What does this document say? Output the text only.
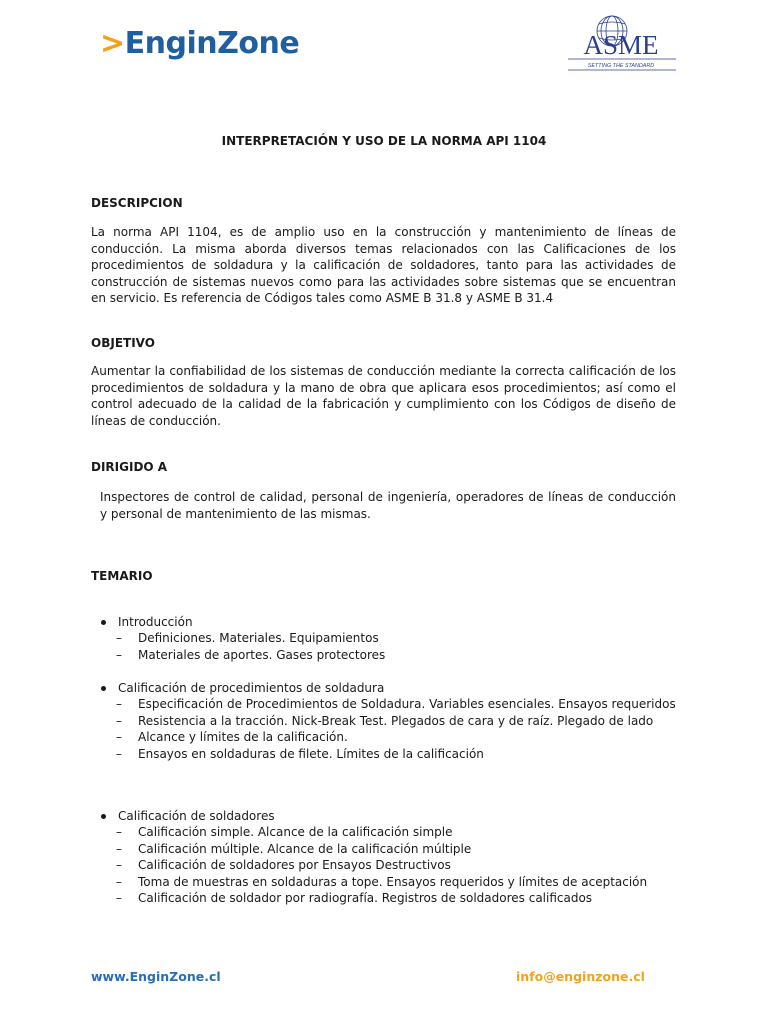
>EnginZone	ASME
SETTING THE STANDARD
INTERPRETACIÓN Y USO DE LA NORMA API 1104
DESCRIPCION
La norma API 1104, es de amplio uso en la construcción y mantenimiento de líneas de conducción. La misma aborda diversos temas relacionados con las Calificaciones de los procedimientos de soldadura y la calificación de soldadores, tanto para las actividades de construcción de sistemas nuevos como para las actividades sobre sistemas que se encuentran en servicio. Es referencia de Códigos tales como ASME B 31.8 y ASME B 31.4
OBJETIVO
Aumentar la confiabilidad de los sistemas de conducción mediante la correcta calificación de los procedimientos de soldadura y la mano de obra que aplicara esos procedimientos; así como el control adecuado de la calidad de la fabricación y cumplimiento con los Códigos de diseño de líneas de conducción.
DIRIGIDO A
Inspectores de control de calidad, personal de ingeniería, operadores de líneas de conducción y personal de mantenimiento de las mismas.
TEMARIO
Introducción
– Definiciones. Materiales. Equipamientos
– Materiales de aportes. Gases protectores
Calificación de procedimientos de soldadura
– Especificación de Procedimientos de Soldadura. Variables esenciales. Ensayos requeridos
– Resistencia a la tracción. Nick-Break Test. Plegados de cara y de raíz. Plegado de lado
– Alcance y límites de la calificación.
– Ensayos en soldaduras de filete. Límites de la calificación
Calificación de soldadores
– Calificación simple. Alcance de la calificación simple
– Calificación múltiple. Alcance de la calificación múltiple
– Calificación de soldadores por Ensayos Destructivos
– Toma de muestras en soldaduras a tope. Ensayos requeridos y límites de aceptación
– Calificación de soldador por radiografía. Registros de soldadores calificados
www.EnginZone.cl	info@enginzone.cl
